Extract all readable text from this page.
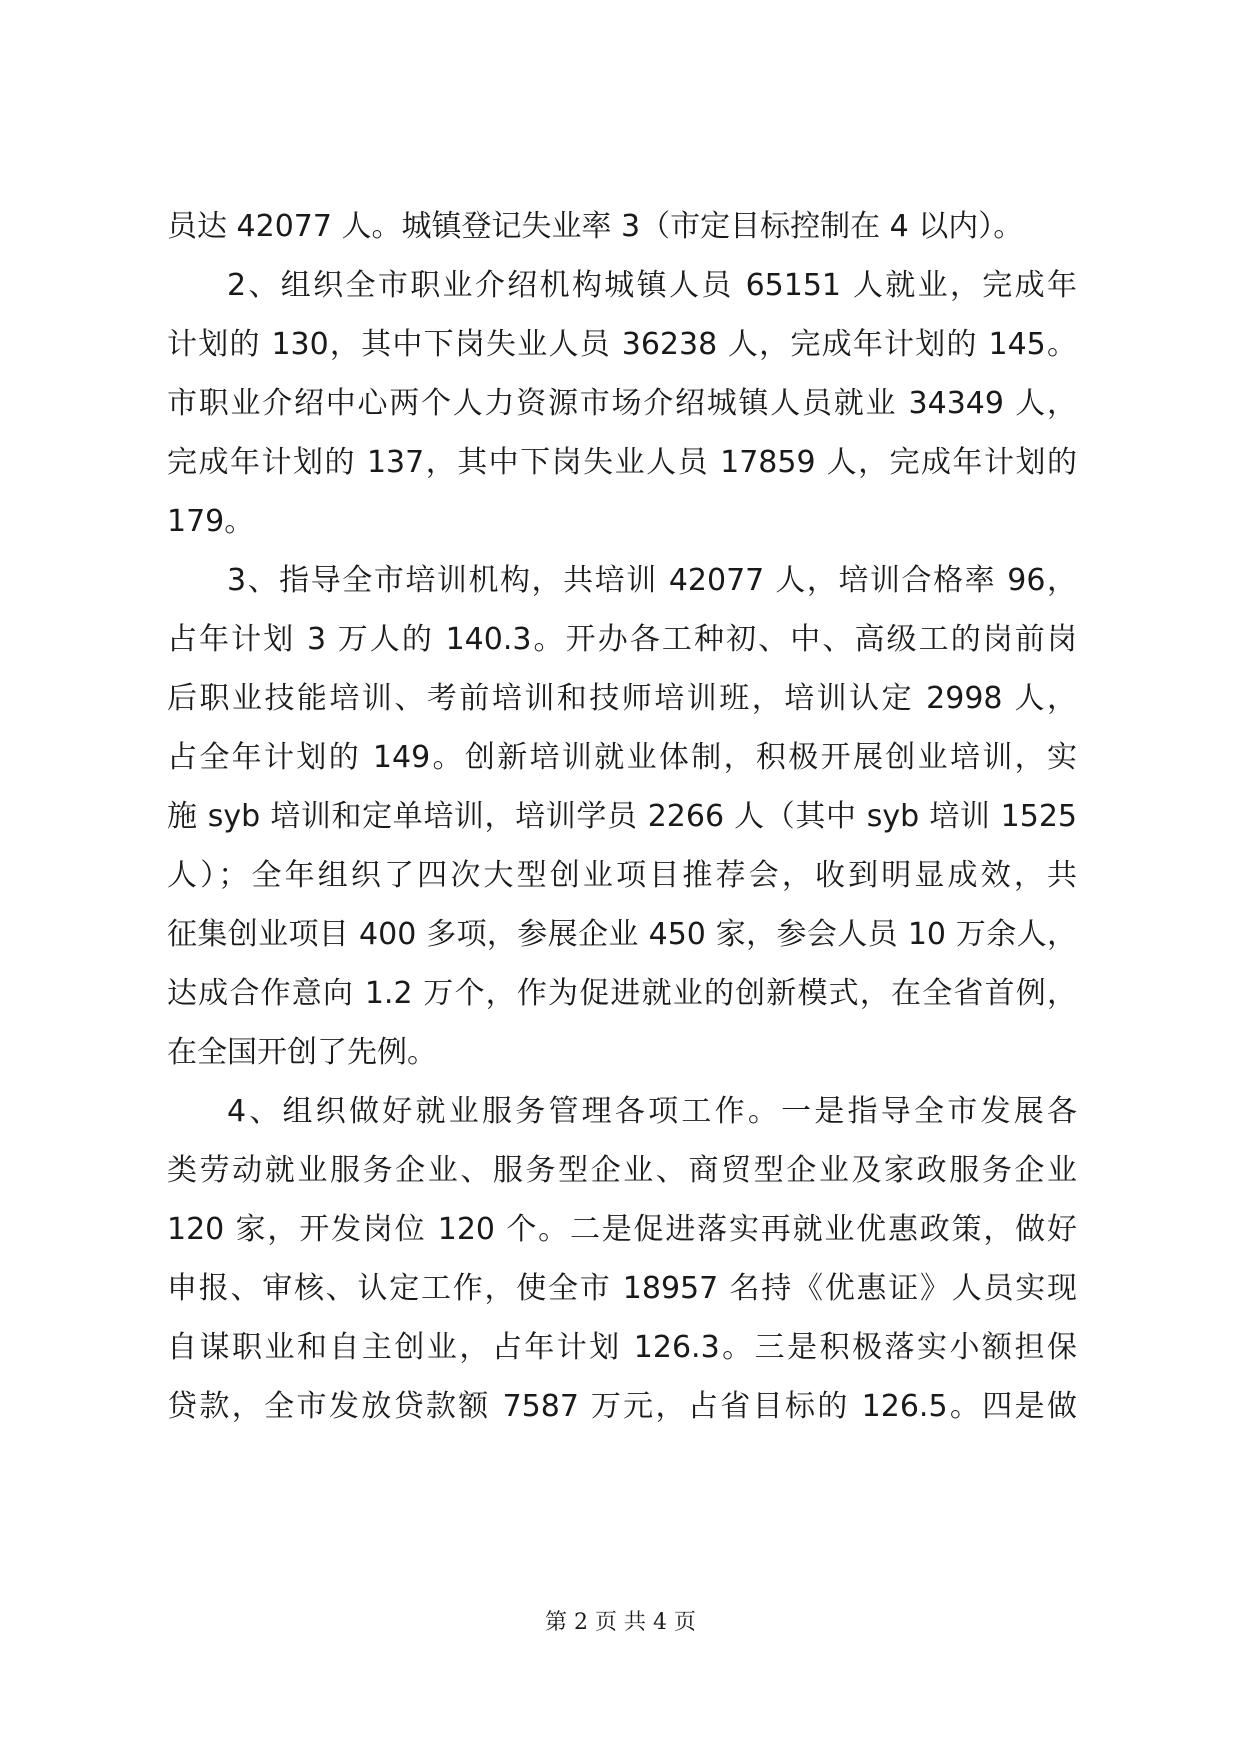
员达 42077 人。城镇登记失业率 3（市定目标控制在 4 以内）。
2、组织全市职业介绍机构城镇人员 65151 人就业，完成年
计划的 130，其中下岗失业人员 36238 人，完成年计划的 145。
市职业介绍中心两个人力资源市场介绍城镇人员就业 34349 人，
完成年计划的 137，其中下岗失业人员 17859 人，完成年计划的
179。
3、指导全市培训机构，共培训 42077 人，培训合格率 96，
占年计划 3 万人的 140.3。开办各工种初、中、高级工的岗前岗
后职业技能培训、考前培训和技师培训班，培训认定 2998 人，
占全年计划的 149。创新培训就业体制，积极开展创业培训，实
施 syb 培训和定单培训，培训学员 2266 人（其中 syb 培训 1525
人）；全年组织了四次大型创业项目推荐会，收到明显成效，共
征集创业项目 400 多项，参展企业 450 家，参会人员 10 万余人，
达成合作意向 1.2 万个，作为促进就业的创新模式，在全省首例，
在全国开创了先例。
4、组织做好就业服务管理各项工作。一是指导全市发展各
类劳动就业服务企业、服务型企业、商贸型企业及家政服务企业
120 家，开发岗位 120 个。二是促进落实再就业优惠政策，做好
申报、审核、认定工作，使全市 18957 名持《优惠证》人员实现
自谋职业和自主创业，占年计划 126.3。三是积极落实小额担保
贷款，全市发放贷款额 7587 万元，占省目标的 126.5。四是做
第 2 页 共 4 页
